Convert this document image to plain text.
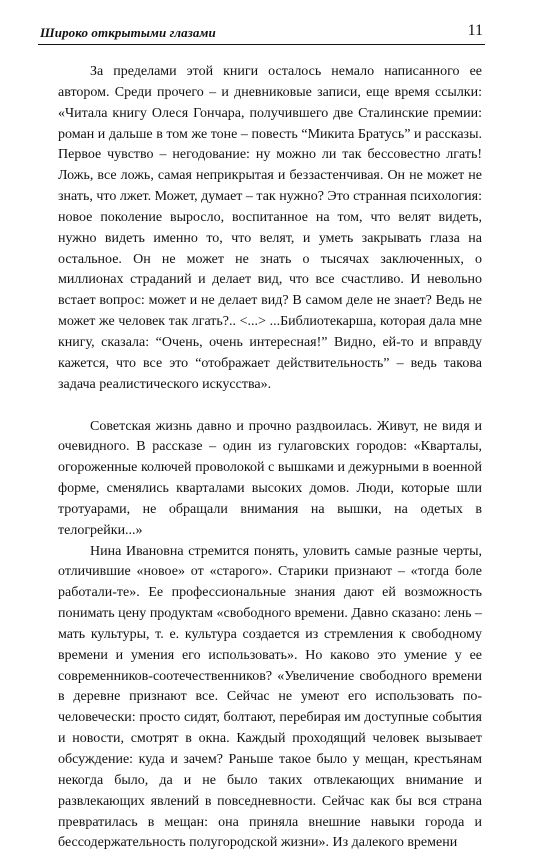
Широко открытыми глазами	11

За пределами этой книги осталось немало написанного ее автором. Среди прочего – и дневниковые записи, еще время ссылки: «Читала книгу Олеся Гончара, получившего две Сталинские премии: роман и дальше в том же тоне – повесть “Микита Братусь” и рассказы. Первое чувство – негодование: ну можно ли так бессовестно лгать! Ложь, все ложь, самая неприкрытая и беззастенчивая. Он не может не знать, что лжет. Может, думает – так нужно? Это странная психология: новое поколение выросло, воспитанное на том, что велят видеть, нужно видеть именно то, что велят, и уметь закрывать глаза на остальное. Он не может не знать о тысячах заключенных, о миллионах страданий и делает вид, что все счастливо. И невольно встает вопрос: может и не делает вид? В самом деле не знает? Ведь не может же человек так лгать?.. <...> ...Библиотекарша, которая дала мне книгу, сказала: “Очень, очень интересная!” Видно, ей-то и вправду кажется, что все это “отображает действительность” – ведь такова задача реалистического искусства».

Советская жизнь давно и прочно раздвоилась. Живут, не видя и очевидного. В рассказе – один из гулаговских городов: «Кварталы, огороженные колючей проволокой с вышками и дежурными в военной форме, сменялись кварталами высоких домов. Люди, которые шли тротуарами, не обращали внимания на вышки, на одетых в телогрейки...»

Нина Ивановна стремится понять, уловить самые разные черты, отличившие «новое» от «старого». Старики признают – «тогда боле работали-те». Ее профессиональные знания дают ей возможность понимать цену продуктам «свободного времени. Давно сказано: лень – мать культуры, т. е. культура создается из стремления к свободному времени и умения его использовать». Но каково это умение у ее современников-соотечественников? «Увеличение свободного времени в деревне признают все. Сейчас не умеют его использовать по-человечески: просто сидят, болтают, перебирая им доступные события и новости, смотрят в окна. Каждый проходящий человек вызывает обсуждение: куда и зачем? Раньше такое было у мещан, крестьянам некогда было, да и не было таких отвлекающих внимание и развлекающих явлений в повседневности. Сейчас как бы вся страна превратилась в мещан: она приняла внешние навыки города и бессодержательность полугородской жизни». Из далекого времени
